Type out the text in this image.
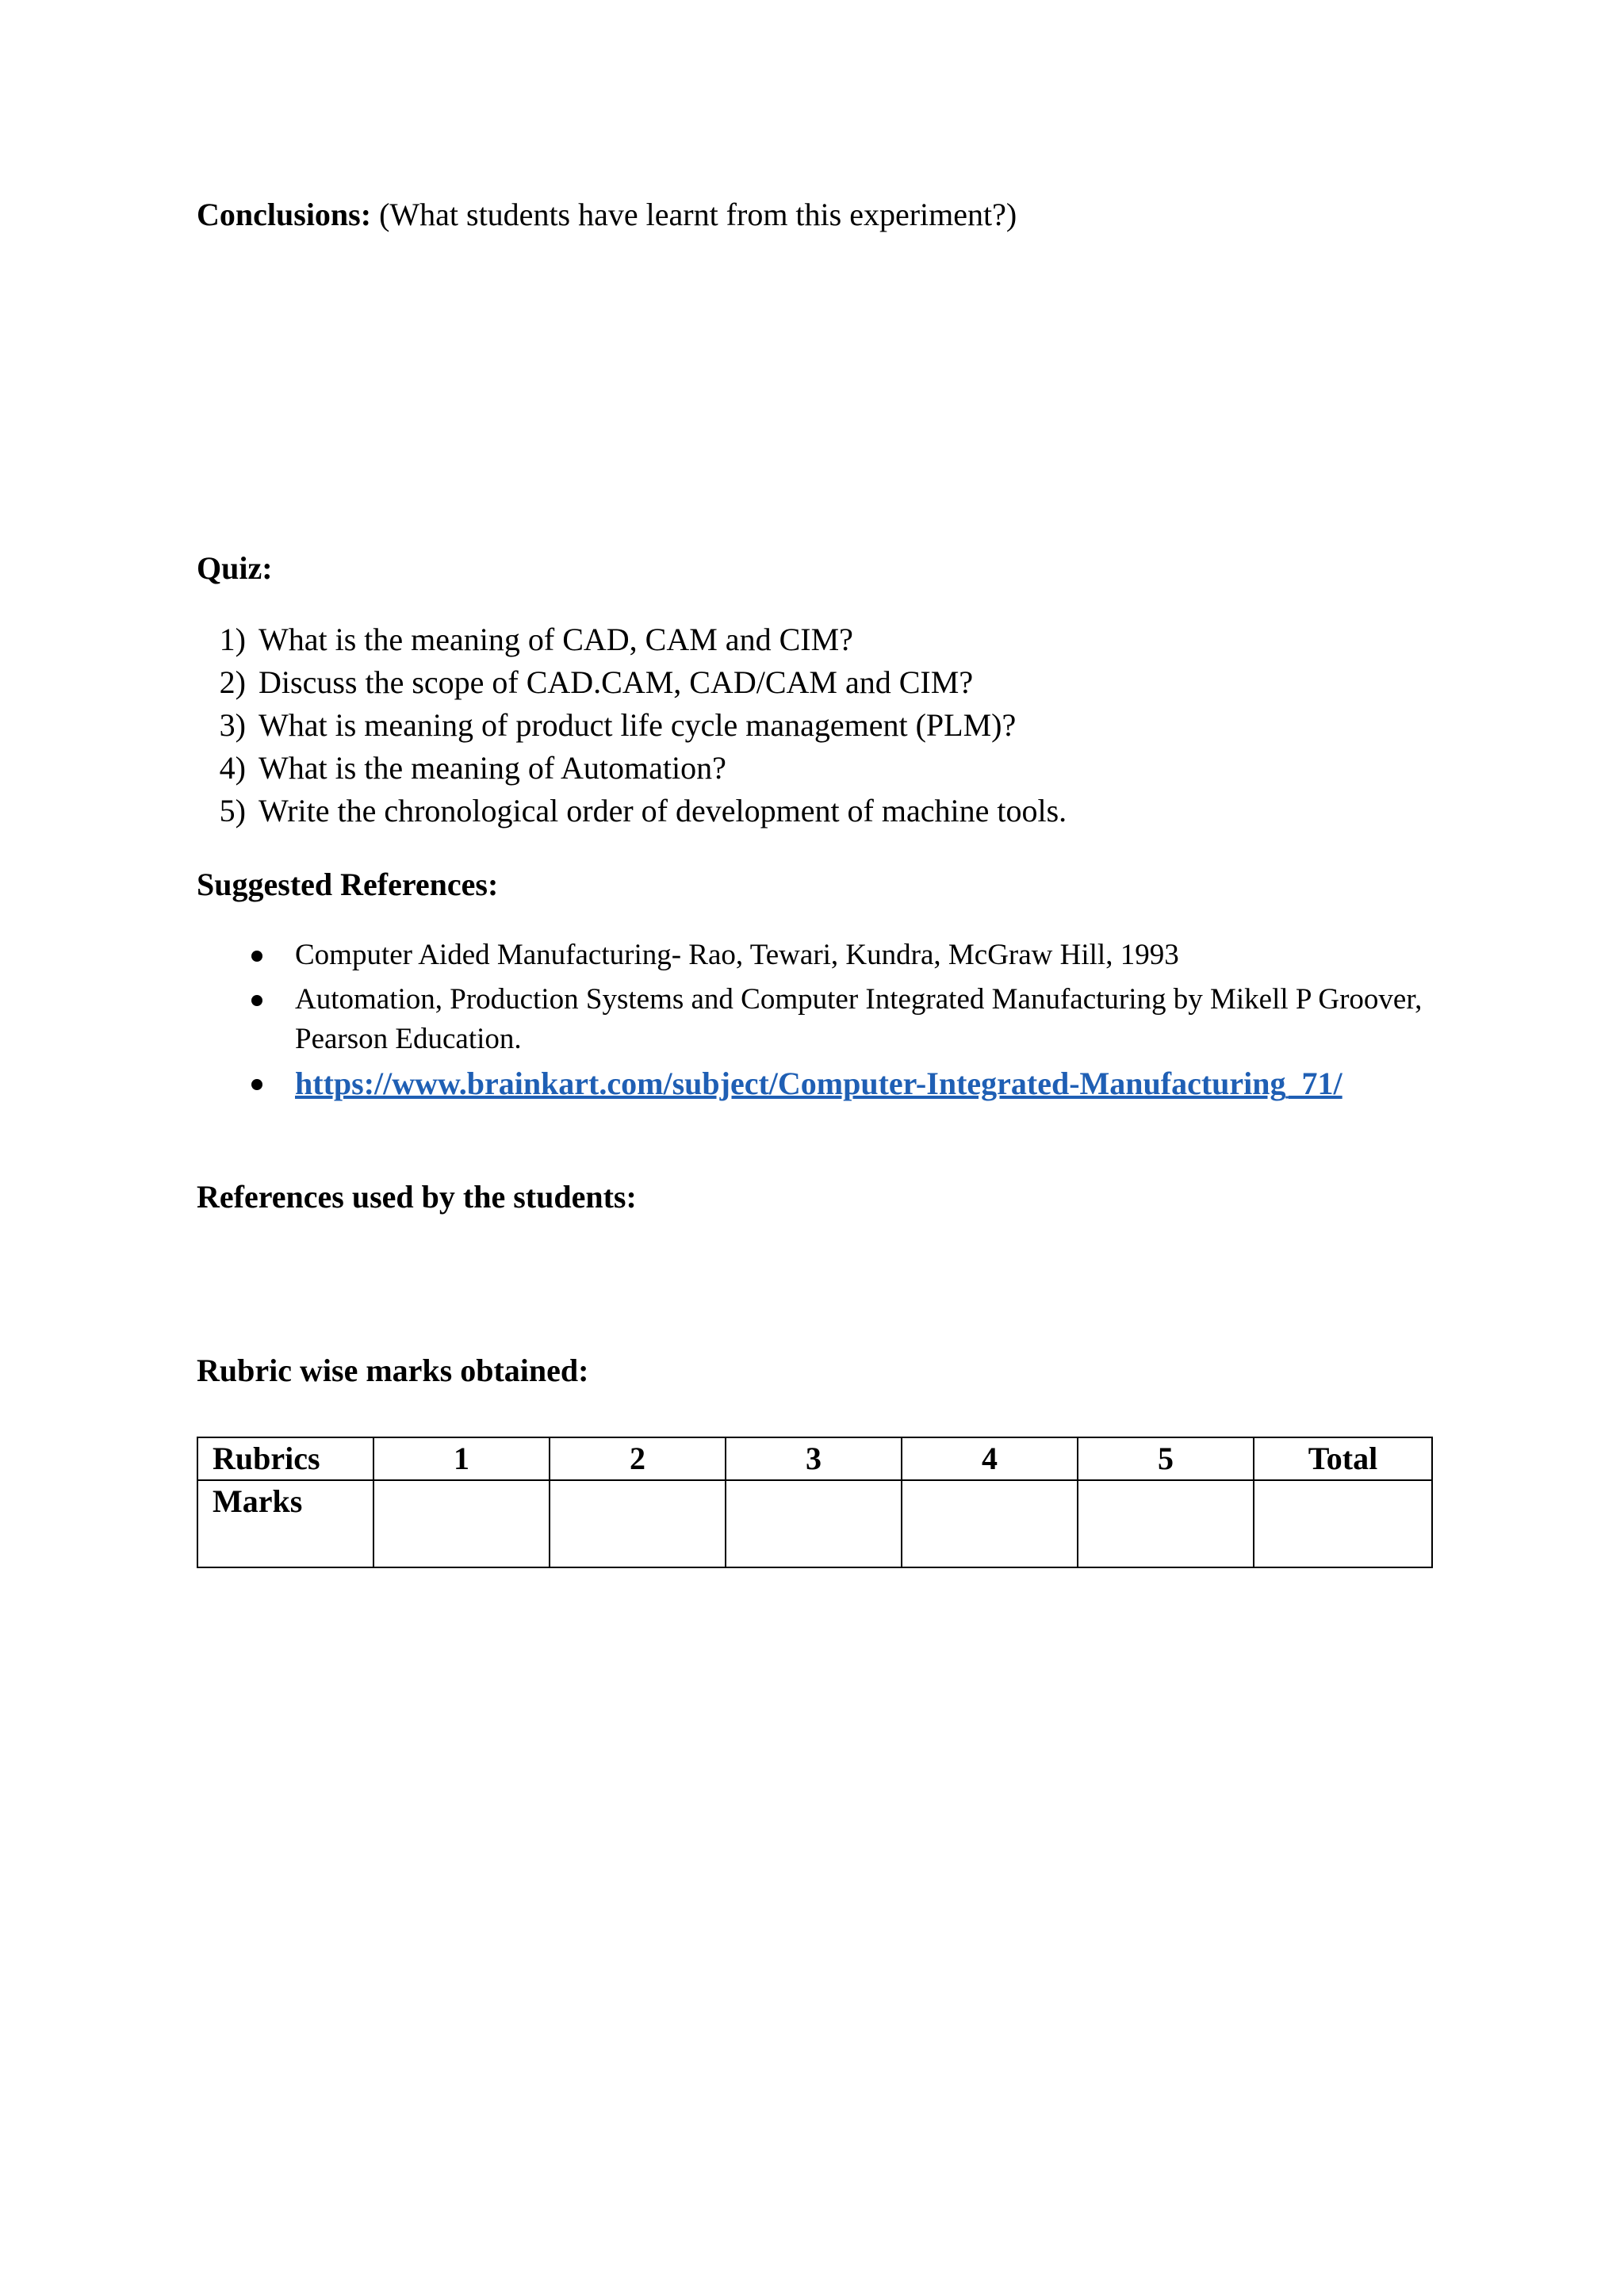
Conclusions: (What students have learnt from this experiment?)
Quiz:
1) What is the meaning of CAD, CAM and CIM?
2) Discuss the scope of CAD.CAM, CAD/CAM and CIM?
3) What is meaning of product life cycle management (PLM)?
4) What is the meaning of Automation?
5) Write the chronological order of development of machine tools.
Suggested References:
Computer Aided Manufacturing- Rao, Tewari, Kundra, McGraw Hill, 1993
Automation, Production Systems and Computer Integrated Manufacturing by Mikell P Groover, Pearson Education.
https://www.brainkart.com/subject/Computer-Integrated-Manufacturing_71/
References used by the students:
Rubric wise marks obtained:
Rubrics	1	2	3	4	5	Total
Marks						
